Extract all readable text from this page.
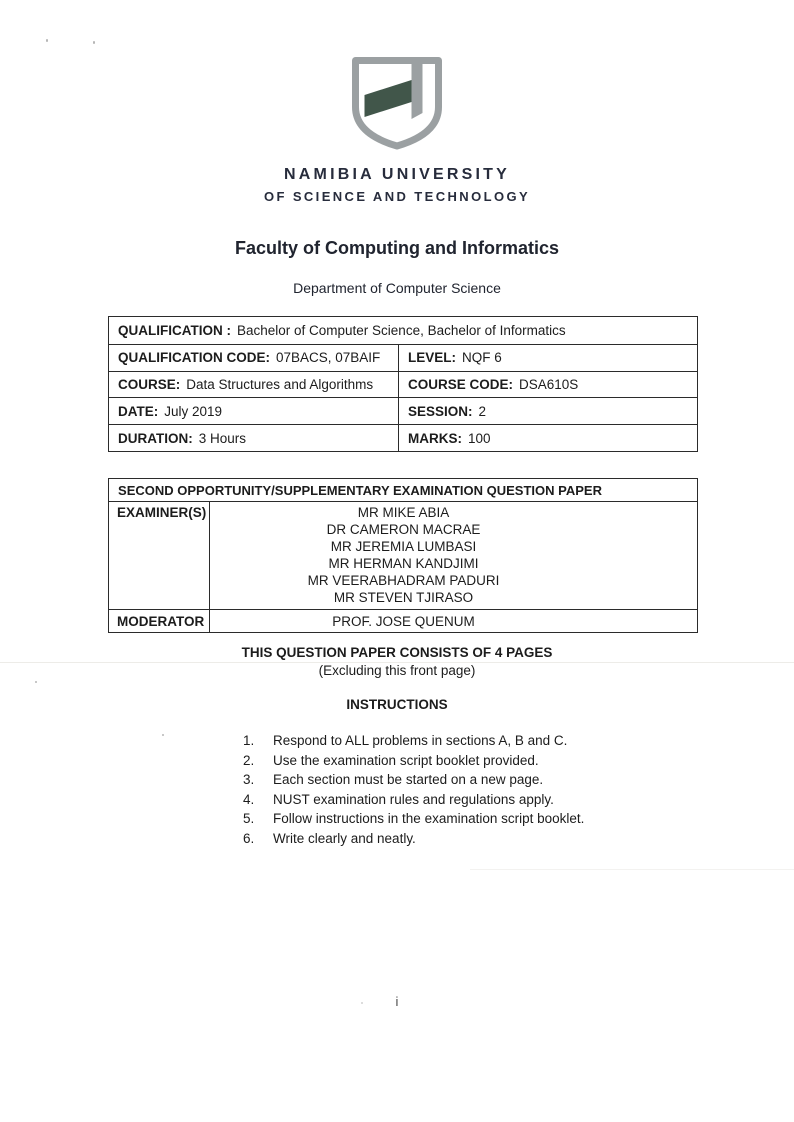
NAMIBIA UNIVERSITY
OF SCIENCE AND TECHNOLOGY
Faculty of Computing and Informatics
Department of Computer Science
QUALIFICATION : Bachelor of Computer Science, Bachelor of Informatics
QUALIFICATION CODE: 07BACS, 07BAIF LEVEL: NQF 6
COURSE: Data Structures and Algorithms	COURSE CODE: DSA610S
DATE: July 2019	SESSION: 2
DURATION: 3 Hours	MARKS: 100
SECOND OPPORTUNITY/SUPPLEMENTARY EXAMINATION QUESTION PAPER
EXAMINER(S)	MR MIKE ABIA
DR CAMERON MACRAE
MR JEREMIA LUMBASI
MR HERMAN KANDJIMI
MR VEERABHADRAM PADURI
MR STEVEN TJIRASO
MODERATOR	PROF. JOSE QUENUM
THIS QUESTION PAPER CONSISTS OF 4 PAGES
(Excluding this front page)
INSTRUCTIONS
1.	Respond to ALL problems in sections A, B and C.
2.	Use the examination script booklet provided.
3.	Each section must be started on a new page.
4.	NUST examination rules and regulations apply.
5.	Follow instructions in the examination script booklet.
6.	Write clearly and neatly.
i
